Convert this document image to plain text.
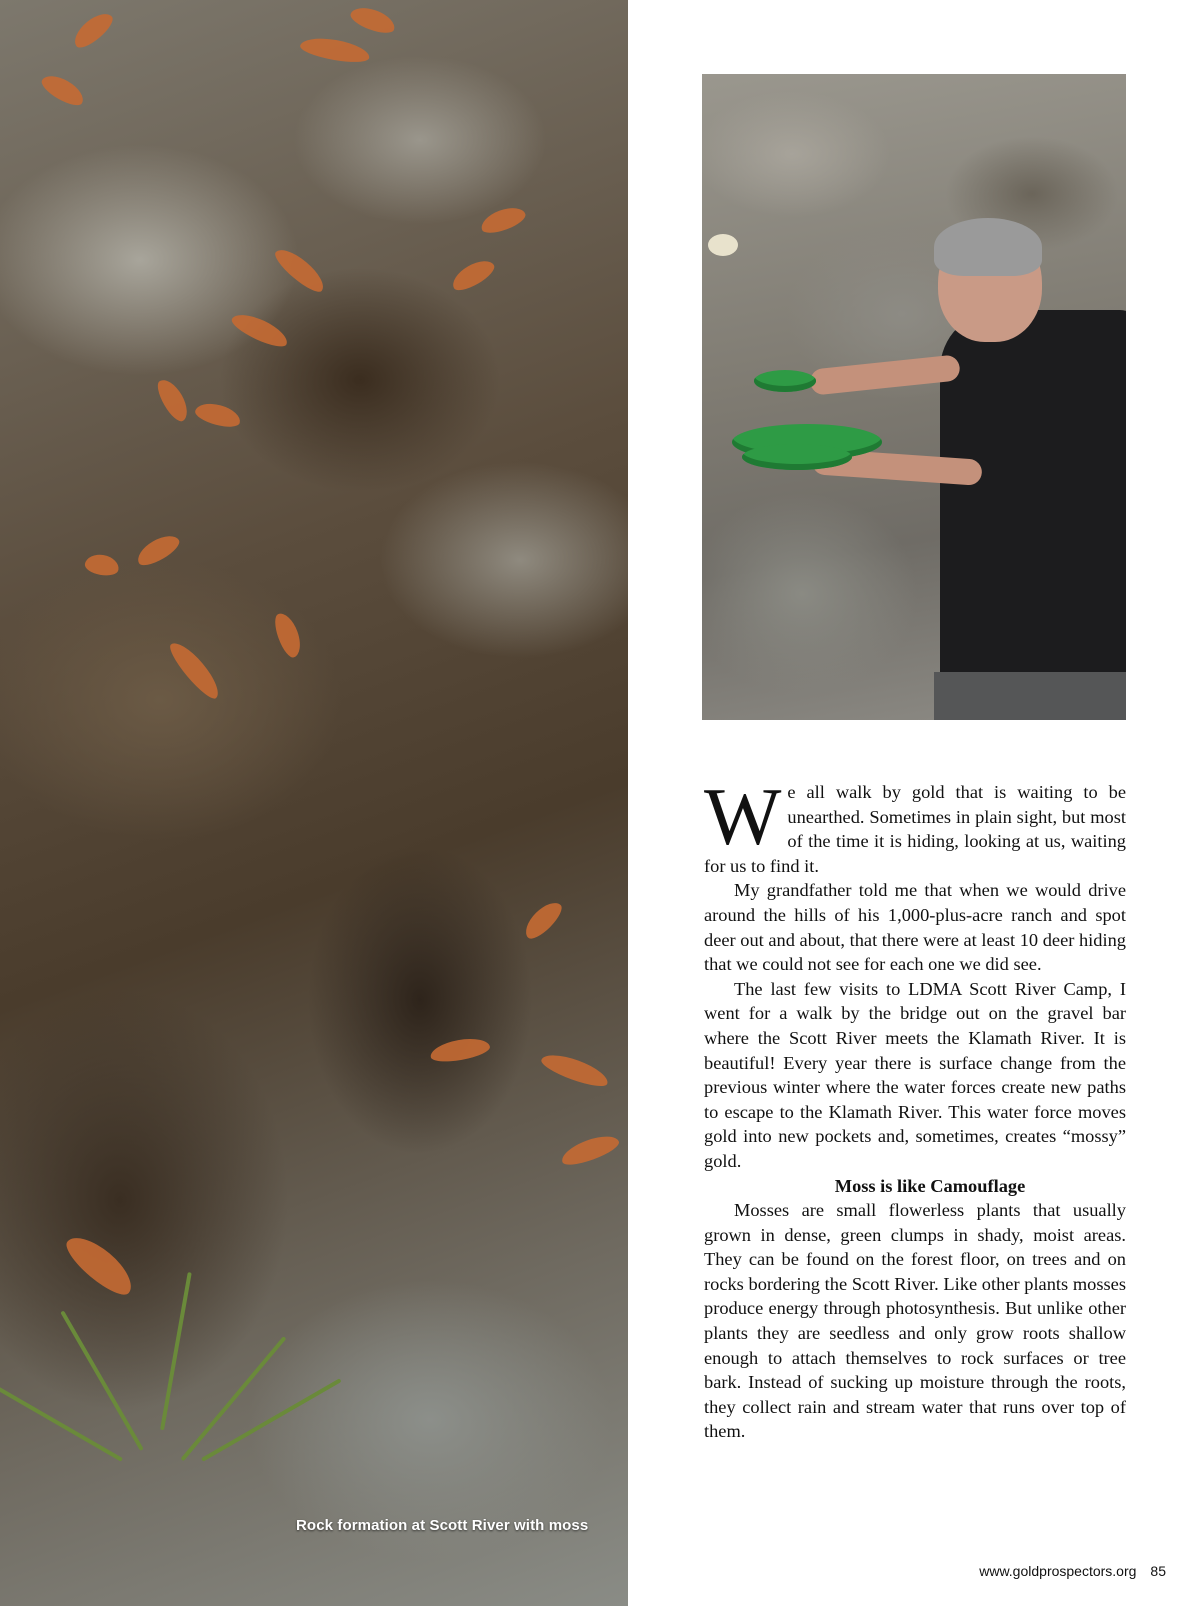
Rock formation at Scott River with moss

We all walk by gold that is waiting to be unearthed. Sometimes in plain sight, but most of the time it is hiding, looking at us, waiting for us to find it.

My grandfather told me that when we would drive around the hills of his 1,000-plus-acre ranch and spot deer out and about, that there were at least 10 deer hiding that we could not see for each one we did see.

The last few visits to LDMA Scott River Camp, I went for a walk by the bridge out on the gravel bar where the Scott River meets the Klamath River. It is beautiful! Every year there is surface change from the previous winter where the water forces create new paths to escape to the Klamath River. This water force moves gold into new pockets and, sometimes, creates “mossy” gold.

Moss is like Camouflage

Mosses are small flowerless plants that usually grown in dense, green clumps in shady, moist areas. They can be found on the forest floor, on trees and on rocks bordering the Scott River. Like other plants mosses produce energy through photosynthesis. But unlike other plants they are seedless and only grow roots shallow enough to attach themselves to rock surfaces or tree bark. Instead of sucking up moisture through the roots, they collect rain and stream water that runs over top of them.

www.goldprospectors.org 85
